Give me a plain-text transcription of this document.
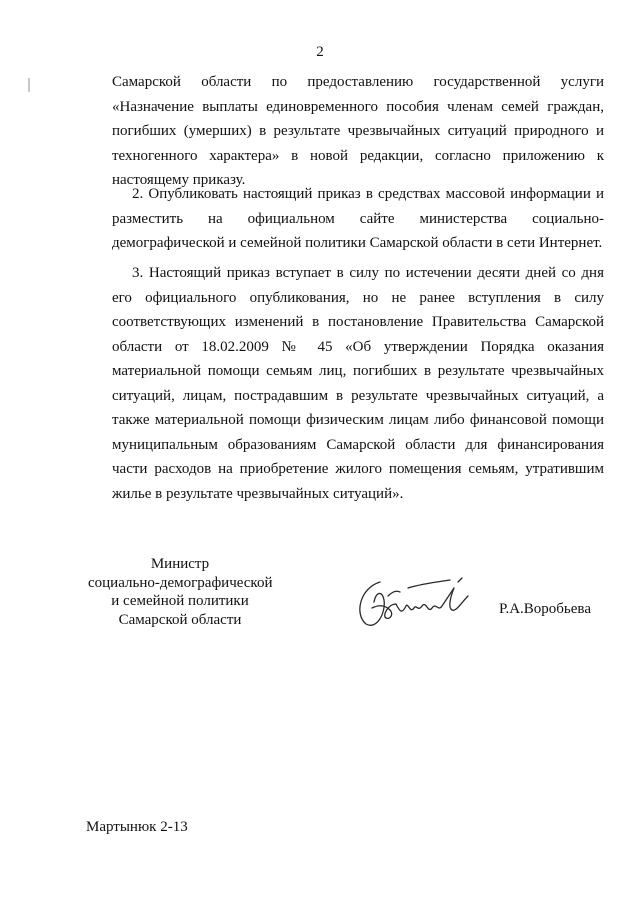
2

Самарской области по предоставлению государственной услуги «Назначение выплаты единовременного пособия членам семей граждан, погибших (умерших) в результате чрезвычайных ситуаций природного и техногенного характера» в новой редакции, согласно приложению к настоящему приказу.

2. Опубликовать настоящий приказ в средствах массовой информации и разместить на официальном сайте министерства социально-демографической и семейной политики Самарской области в сети Интернет.

3. Настоящий приказ вступает в силу по истечении десяти дней со дня его официального опубликования, но не ранее вступления в силу соответствующих изменений в постановление Правительства Самарской области от 18.02.2009 № 45 «Об утверждении Порядка оказания материальной помощи семьям лиц, погибших в результате чрезвычайных ситуаций, лицам, пострадавшим в результате чрезвычайных ситуаций, а также материальной помощи физическим лицам либо финансовой помощи муниципальным образованиям Самарской области для финансирования части расходов на приобретение жилого помещения семьям, утратившим жилье в результате чрезвычайных ситуаций».

Министр
социально-демографической
и семейной политики
Самарской области
Р.А.Воробьева
Мартынюк 2-13
